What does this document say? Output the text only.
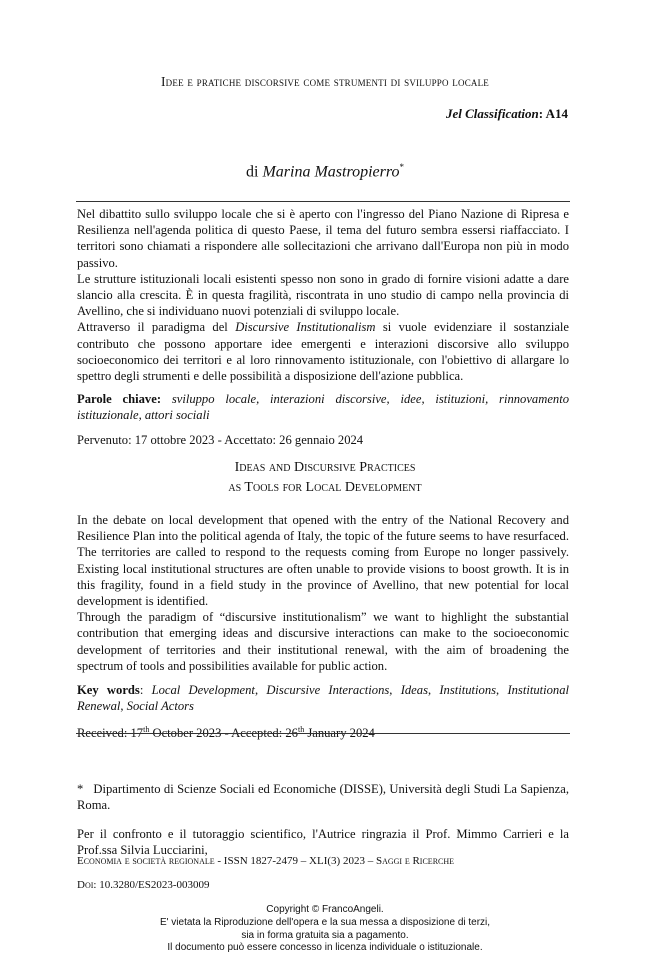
Idee e pratiche discorsive come strumenti di sviluppo locale
Jel Classification: A14
di Marina Mastropierro*

Nel dibattito sullo sviluppo locale che si è aperto con l'ingresso del Piano Nazione di Ripresa e Resilienza nell'agenda politica di questo Paese, il tema del futuro sembra essersi riaffacciato. I territori sono chiamati a rispondere alle sollecitazioni che arrivano dall'Europa non più in modo passivo.

Le strutture istituzionali locali esistenti spesso non sono in grado di fornire visioni adatte a dare slancio alla crescita. È in questa fragilità, riscontrata in uno studio di campo nella provincia di Avellino, che si individuano nuovi potenziali di sviluppo locale.

Attraverso il paradigma del Discursive Institutionalism si vuole evidenziare il sostanziale contributo che possono apportare idee emergenti e interazioni discorsive allo sviluppo socioeconomico dei territori e al loro rinnovamento istituzionale, con l'obiettivo di allargare lo spettro degli strumenti e delle possibilità a disposizione dell'azione pubblica.

Parole chiave: sviluppo locale, interazioni discorsive, idee, istituzioni, rinnovamento istituzionale, attori sociali

Pervenuto: 17 ottobre 2023 - Accettato: 26 gennaio 2024

Ideas and Discursive Practices
as Tools for Local Development

In the debate on local development that opened with the entry of the National Recovery and Resilience Plan into the political agenda of Italy, the topic of the future seems to have resurfaced. The territories are called to respond to the requests coming from Europe no longer passively. Existing local institutional structures are often unable to provide visions to boost growth. It is in this fragility, found in a field study in the province of Avellino, that new potential for local development is identified.

Through the paradigm of “discursive institutionalism” we want to highlight the substantial contribution that emerging ideas and discursive interactions can make to the socioeconomic development of territories and their institutional renewal, with the aim of broadening the spectrum of tools and possibilities available for public action.

Key words: Local Development, Discursive Interactions, Ideas, Institutions, Institutional Renewal, Social Actors

Received: 17th October 2023 - Accepted: 26th January 2024

* Dipartimento di Scienze Sociali ed Economiche (DISSE), Università degli Studi La Sapienza, Roma.

Per il confronto e il tutoraggio scientifico, l'Autrice ringrazia il Prof. Mimmo Carrieri e la Prof.ssa Silvia Lucciarini,

Economia e società regionale - ISSN 1827-2479 – XLI(3) 2023 – Saggi e Ricerche
Doi: 10.3280/ES2023-003009
Copyright © FrancoAngeli.
E' vietata la Riproduzione dell'opera e la sua messa a disposizione di terzi,
sia in forma gratuita sia a pagamento.
Il documento può essere concesso in licenza individuale o istituzionale.
